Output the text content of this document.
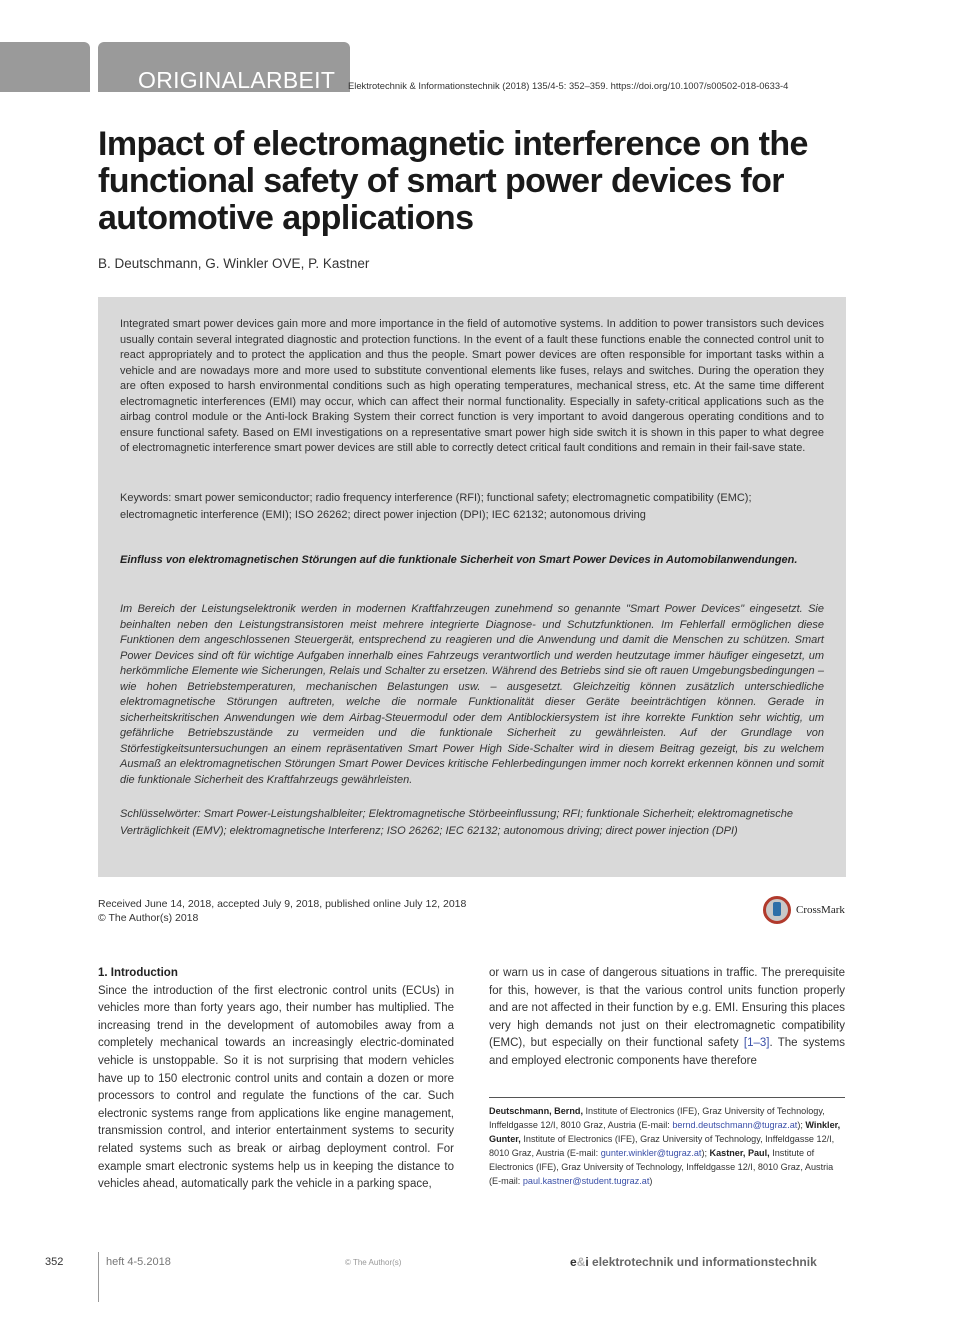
ORIGINALARBEIT Elektrotechnik & Informationstechnik (2018) 135/4-5: 352–359. https://doi.org/10.1007/s00502-018-0633-4
Impact of electromagnetic interference on the functional safety of smart power devices for automotive applications
B. Deutschmann, G. Winkler OVE, P. Kastner

Integrated smart power devices gain more and more importance in the field of automotive systems. In addition to power transistors such devices usually contain several integrated diagnostic and protection functions. In the event of a fault these functions enable the connected control unit to react appropriately and to protect the application and thus the people. Smart power devices are often responsible for important tasks within a vehicle and are nowadays more and more used to substitute conventional elements like fuses, relays and switches. During the operation they are often exposed to harsh environmental conditions such as high operating temperatures, mechanical stress, etc. At the same time different electromagnetic interferences (EMI) may occur, which can affect their normal functionality. Especially in safety-critical applications such as the airbag control module or the Anti-lock Braking System their correct function is very important to avoid dangerous operating conditions and to ensure functional safety. Based on EMI investigations on a representative smart power high side switch it is shown in this paper to what degree of electromagnetic interference smart power devices are still able to correctly detect critical fault conditions and remain in their fail-save state.

Keywords: smart power semiconductor; radio frequency interference (RFI); functional safety; electromagnetic compatibility (EMC); electromagnetic interference (EMI); ISO 26262; direct power injection (DPI); IEC 62132; autonomous driving

Einfluss von elektromagnetischen Störungen auf die funktionale Sicherheit von Smart Power Devices in Automobilanwendungen.

Im Bereich der Leistungselektronik werden in modernen Kraftfahrzeugen zunehmend so genannte "Smart Power Devices" eingesetzt. Sie beinhalten neben den Leistungstransistoren meist mehrere integrierte Diagnose- und Schutzfunktionen. Im Fehlerfall ermöglichen diese Funktionen dem angeschlossenen Steuergerät, entsprechend zu reagieren und die Anwendung und damit die Menschen zu schützen. Smart Power Devices sind oft für wichtige Aufgaben innerhalb eines Fahrzeugs verantwortlich und werden heutzutage immer häufiger eingesetzt, um herkömmliche Elemente wie Sicherungen, Relais und Schalter zu ersetzen. Während des Betriebs sind sie oft rauen Umgebungsbedingungen – wie hohen Betriebstemperaturen, mechanischen Belastungen usw. – ausgesetzt. Gleichzeitig können zusätzlich unterschiedliche elektromagnetische Störungen auftreten, welche die normale Funktionalität dieser Geräte beeinträchtigen können. Gerade in sicherheitskritischen Anwendungen wie dem Airbag-Steuermodul oder dem Antiblockiersystem ist ihre korrekte Funktion sehr wichtig, um gefährliche Betriebszustände zu vermeiden und die funktionale Sicherheit zu gewährleisten. Auf der Grundlage von Störfestigkeitsuntersuchungen an einem repräsentativen Smart Power High Side-Schalter wird in diesem Beitrag gezeigt, bis zu welchem Ausmaß an elektromagnetischen Störungen Smart Power Devices kritische Fehlerbedingungen immer noch korrekt erkennen können und somit die funktionale Sicherheit des Kraftfahrzeugs gewährleisten.

Schlüsselwörter: Smart Power-Leistungshalbleiter; Elektromagnetische Störbeeinflussung; RFI; funktionale Sicherheit; elektromagnetische Verträglichkeit (EMV); elektromagnetische Interferenz; ISO 26262; IEC 62132; autonomous driving; direct power injection (DPI)

Received June 14, 2018, accepted July 9, 2018, published online July 12, 2018
© The Author(s) 2018
CrossMark
1. Introduction

Since the introduction of the first electronic control units (ECUs) in vehicles more than forty years ago, their number has multiplied. The increasing trend in the development of automobiles away from a completely mechanical towards an increasingly electric-dominated vehicle is unstoppable. So it is not surprising that modern vehicles have up to 150 electronic control units and contain a dozen or more processors to control and regulate the functions of the car. Such electronic systems range from applications like engine management, transmission control, and interior entertainment systems to security related systems such as break or airbag deployment control. For example smart electronic systems help us in keeping the distance to vehicles ahead, automatically park the vehicle in a parking space,

or warn us in case of dangerous situations in traffic. The prerequisite for this, however, is that the various control units function properly and are not affected in their function by e.g. EMI. Ensuring this places very high demands not just on their electromagnetic compatibility (EMC), but especially on their functional safety [1–3]. The systems and employed electronic components have therefore

Deutschmann, Bernd, Institute of Electronics (IFE), Graz University of Technology, Inffeldgasse 12/I, 8010 Graz, Austria (E-mail: bernd.deutschmann@tugraz.at); Winkler, Gunter, Institute of Electronics (IFE), Graz University of Technology, Inffeldgasse 12/I, 8010 Graz, Austria (E-mail: gunter.winkler@tugraz.at); Kastner, Paul, Institute of Electronics (IFE), Graz University of Technology, Inffeldgasse 12/I, 8010 Graz, Austria (E-mail: paul.kastner@student.tugraz.at)
352	heft 4-5.2018	© The Author(s)	e&i elektrotechnik und informationstechnik
